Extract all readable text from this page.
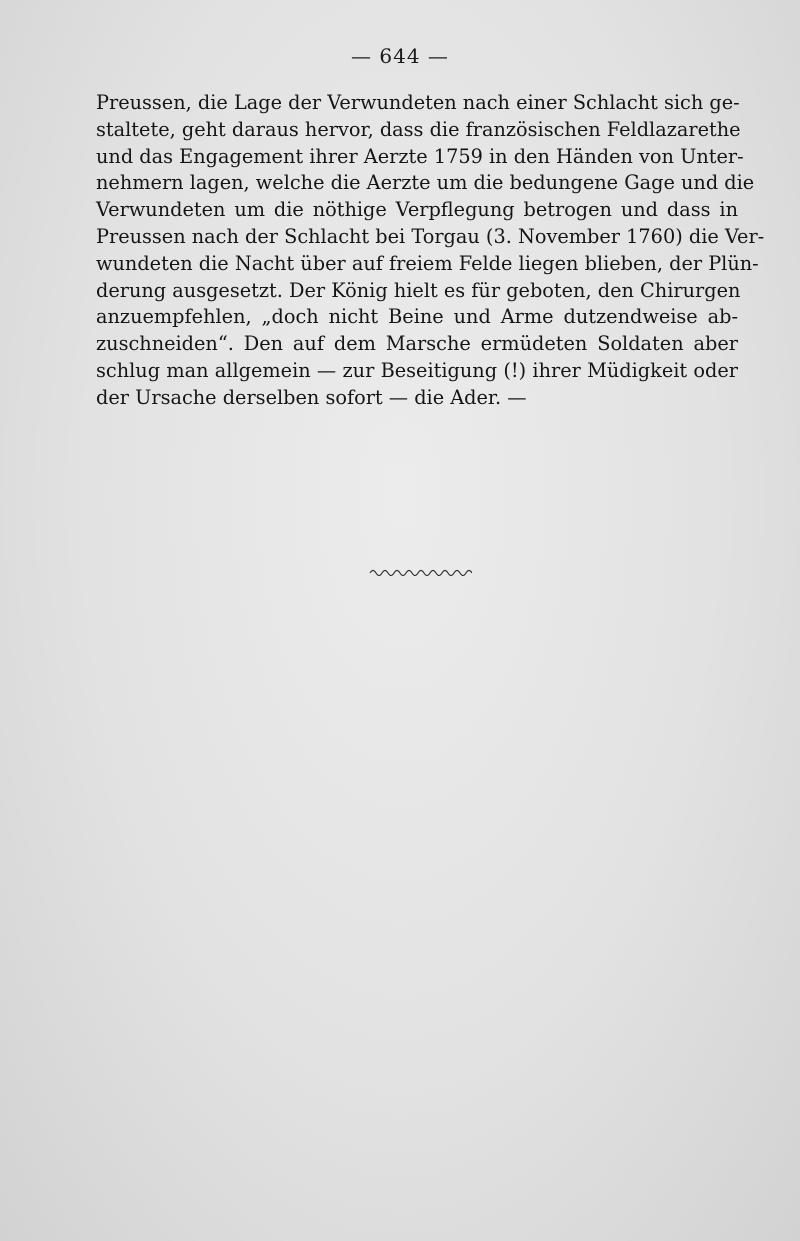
— 644 —
Preussen, die Lage der Verwundeten nach einer Schlacht sich ge-
staltete, geht daraus hervor, dass die französischen Feldlazarethe
und das Engagement ihrer Aerzte 1759 in den Händen von Unter-
nehmern lagen, welche die Aerzte um die bedungene Gage und die
Verwundeten um die nöthige Verpflegung betrogen und dass in
Preussen nach der Schlacht bei Torgau (3. November 1760) die Ver-
wundeten die Nacht über auf freiem Felde liegen blieben, der Plün-
derung ausgesetzt. Der König hielt es für geboten, den Chirurgen
anzuempfehlen, „doch nicht Beine und Arme dutzendweise ab-
zuschneiden“. Den auf dem Marsche ermüdeten Soldaten aber
schlug man allgemein — zur Beseitigung (!) ihrer Müdigkeit oder
der Ursache derselben sofort — die Ader. —
